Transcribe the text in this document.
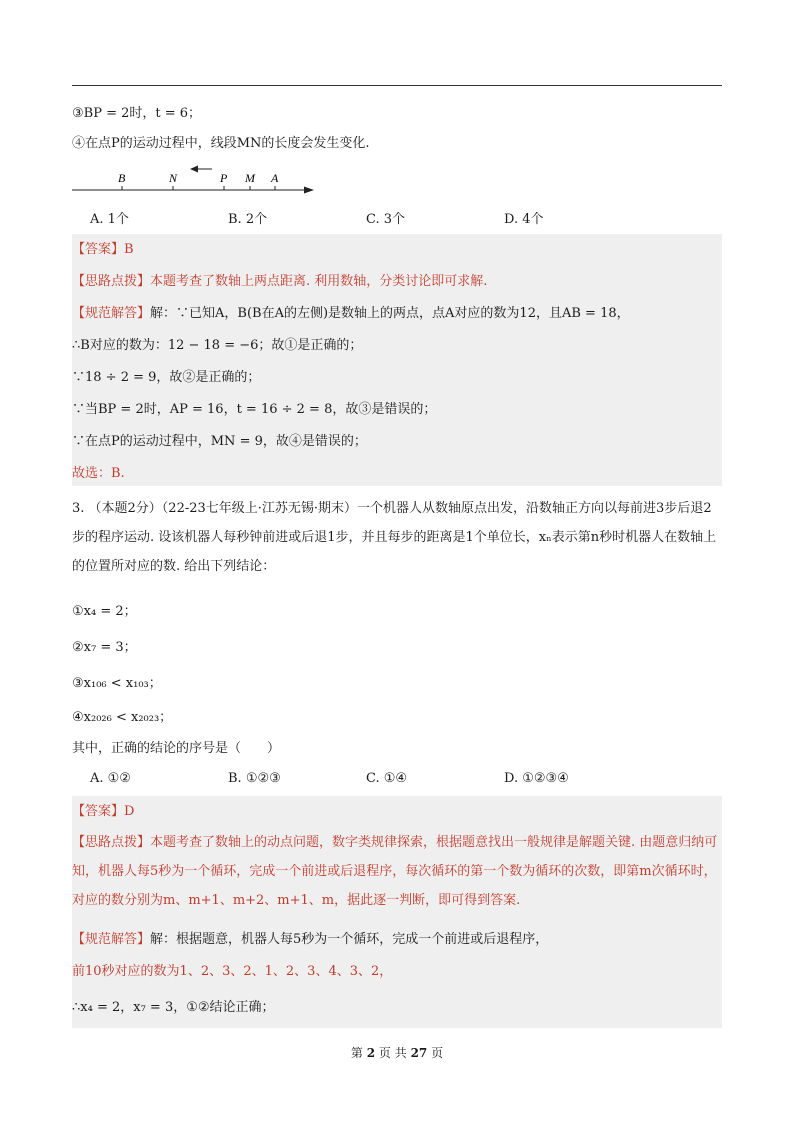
③BP = 2时，t = 6；
④在点P的运动过程中，线段MN的长度会发生变化.
B	N	P M A
A. 1个	B. 2个	C. 3个	D. 4个
【答案】B
【思路点拨】本题考查了数轴上两点距离. 利用数轴，分类讨论即可求解.
【规范解答】解：∵已知A，B(B在A的左侧)是数轴上的两点，点A对应的数为12，且AB = 18，
∴B对应的数为：12 − 18 = −6；故①是正确的；
∵18 ÷ 2 = 9，故②是正确的；
∵当BP = 2时，AP = 16，t = 16 ÷ 2 = 8，故③是错误的；
∵在点P的运动过程中，MN = 9，故④是错误的；
故选：B.
3. （本题2分）（22-23七年级上·江苏无锡·期末）一个机器人从数轴原点出发，沿数轴正方向以每前进3步后退2步的程序运动. 设该机器人每秒钟前进或后退1步，并且每步的距离是1个单位长，xₙ表示第n秒时机器人在数轴上的位置所对应的数. 给出下列结论：
①x₄ = 2；
②x₇ = 3；
③x₁₀₆ < x₁₀₃；
④x₂₀₂₆ < x₂₀₂₃；
其中，正确的结论的序号是（　　）
A. ①②	B. ①②③	C. ①④	D. ①②③④
【答案】D
【思路点拨】本题考查了数轴上的动点问题，数字类规律探索，根据题意找出一般规律是解题关键. 由题意归纳可知，机器人每5秒为一个循环，完成一个前进或后退程序，每次循环的第一个数为循环的次数，即第m次循环时，对应的数分别为m、m+1、m+2、m+1、m，据此逐一判断，即可得到答案.
【规范解答】解：根据题意，机器人每5秒为一个循环，完成一个前进或后退程序，
前10秒对应的数为1、2、3、2、1、2、3、4、3、2，
∴x₄ = 2，x₇ = 3，①②结论正确；
第 2 页 共 27 页
